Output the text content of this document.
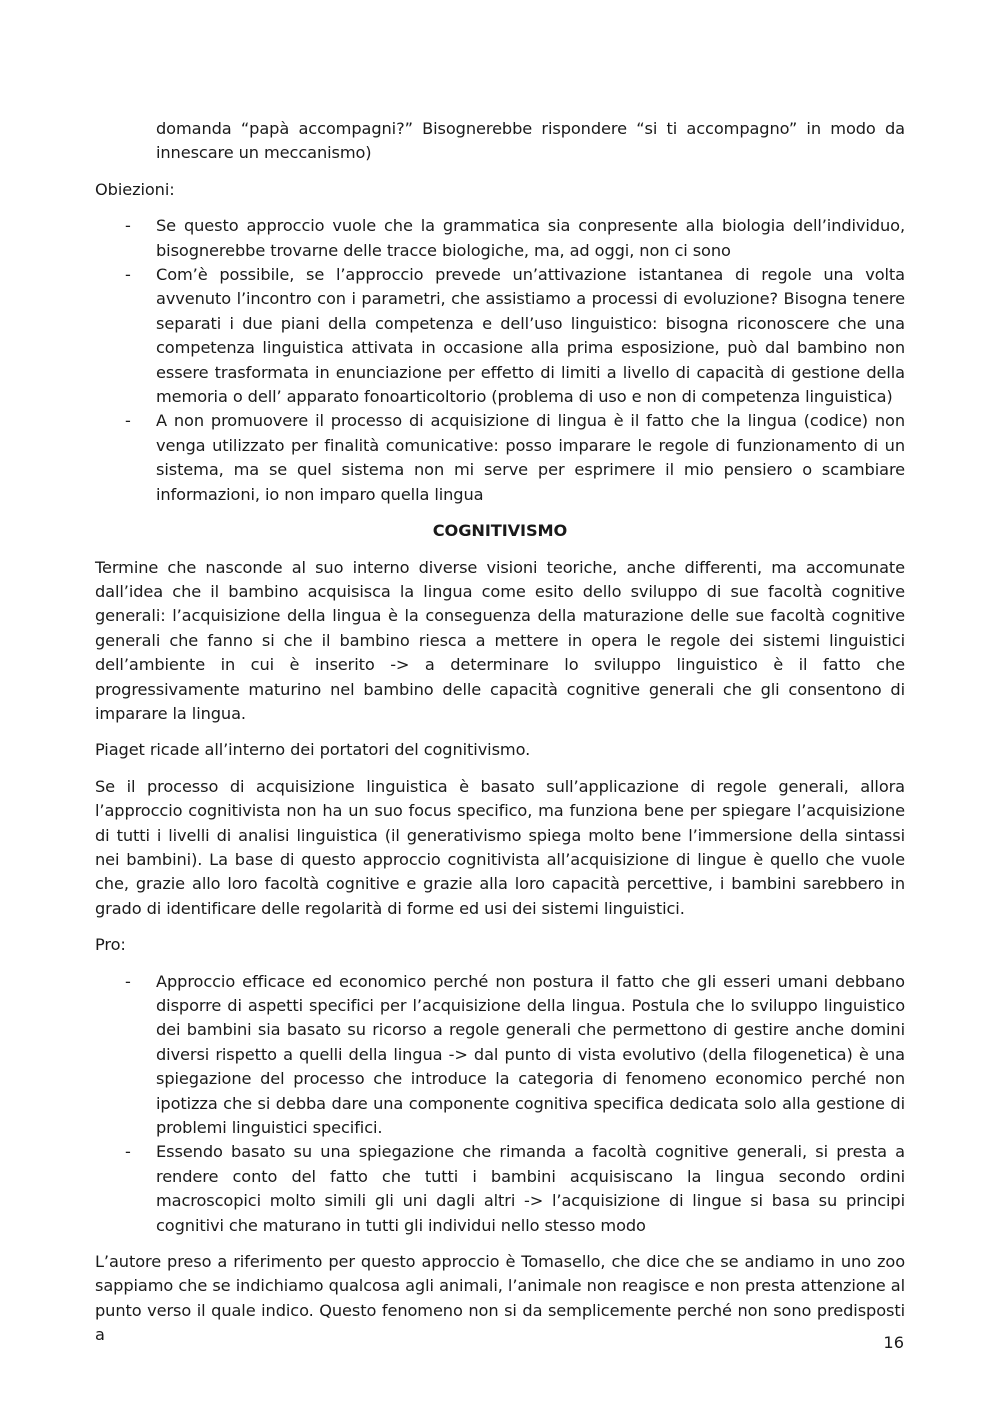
domanda “papà accompagni?” Bisognerebbe rispondere “si ti accompagno” in modo da innescare un meccanismo)

Obiezioni:

- Se questo approccio vuole che la grammatica sia conpresente alla biologia dell’individuo, bisognerebbe trovarne delle tracce biologiche, ma, ad oggi, non ci sono
- Com’è possibile, se l’approccio prevede un’attivazione istantanea di regole una volta avvenuto l’incontro con i parametri, che assistiamo a processi di evoluzione? Bisogna tenere separati i due piani della competenza e dell’uso linguistico: bisogna riconoscere che una competenza linguistica attivata in occasione alla prima esposizione, può dal bambino non essere trasformata in enunciazione per effetto di limiti a livello di capacità di gestione della memoria o dell’ apparato fonoarticoltorio (problema di uso e non di competenza linguistica)
- A non promuovere il processo di acquisizione di lingua è il fatto che la lingua (codice) non venga utilizzato per finalità comunicative: posso imparare le regole di funzionamento di un sistema, ma se quel sistema non mi serve per esprimere il mio pensiero o scambiare informazioni, io non imparo quella lingua
COGNITIVISMO

Termine che nasconde al suo interno diverse visioni teoriche, anche differenti, ma accomunate dall’idea che il bambino acquisisca la lingua come esito dello sviluppo di sue facoltà cognitive generali: l’acquisizione della lingua è la conseguenza della maturazione delle sue facoltà cognitive generali che fanno si che il bambino riesca a mettere in opera le regole dei sistemi linguistici dell’ambiente in cui è inserito -> a determinare lo sviluppo linguistico è il fatto che progressivamente maturino nel bambino delle capacità cognitive generali che gli consentono di imparare la lingua.

Piaget ricade all’interno dei portatori del cognitivismo.

Se il processo di acquisizione linguistica è basato sull’applicazione di regole generali, allora l’approccio cognitivista non ha un suo focus specifico, ma funziona bene per spiegare l’acquisizione di tutti i livelli di analisi linguistica (il generativismo spiega molto bene l’immersione della sintassi nei bambini). La base di questo approccio cognitivista all’acquisizione di lingue è quello che vuole che, grazie allo loro facoltà cognitive e grazie alla loro capacità percettive, i bambini sarebbero in grado di identificare delle regolarità di forme ed usi dei sistemi linguistici.

Pro:

- Approccio efficace ed economico perché non postura il fatto che gli esseri umani debbano disporre di aspetti specifici per l’acquisizione della lingua. Postula che lo sviluppo linguistico dei bambini sia basato su ricorso a regole generali che permettono di gestire anche domini diversi rispetto a quelli della lingua -> dal punto di vista evolutivo (della filogenetica) è una spiegazione del processo che introduce la categoria di fenomeno economico perché non ipotizza che si debba dare una componente cognitiva specifica dedicata solo alla gestione di problemi linguistici specifici.
- Essendo basato su una spiegazione che rimanda a facoltà cognitive generali, si presta a rendere conto del fatto che tutti i bambini acquisiscano la lingua secondo ordini macroscopici molto simili gli uni dagli altri -> l’acquisizione di lingue si basa su principi cognitivi che maturano in tutti gli individui nello stesso modo

L’autore preso a riferimento per questo approccio è Tomasello, che dice che se andiamo in uno zoo sappiamo che se indichiamo qualcosa agli animali, l’animale non reagisce e non presta attenzione al punto verso il quale indico. Questo fenomeno non si da semplicemente perché non sono predisposti a	16
